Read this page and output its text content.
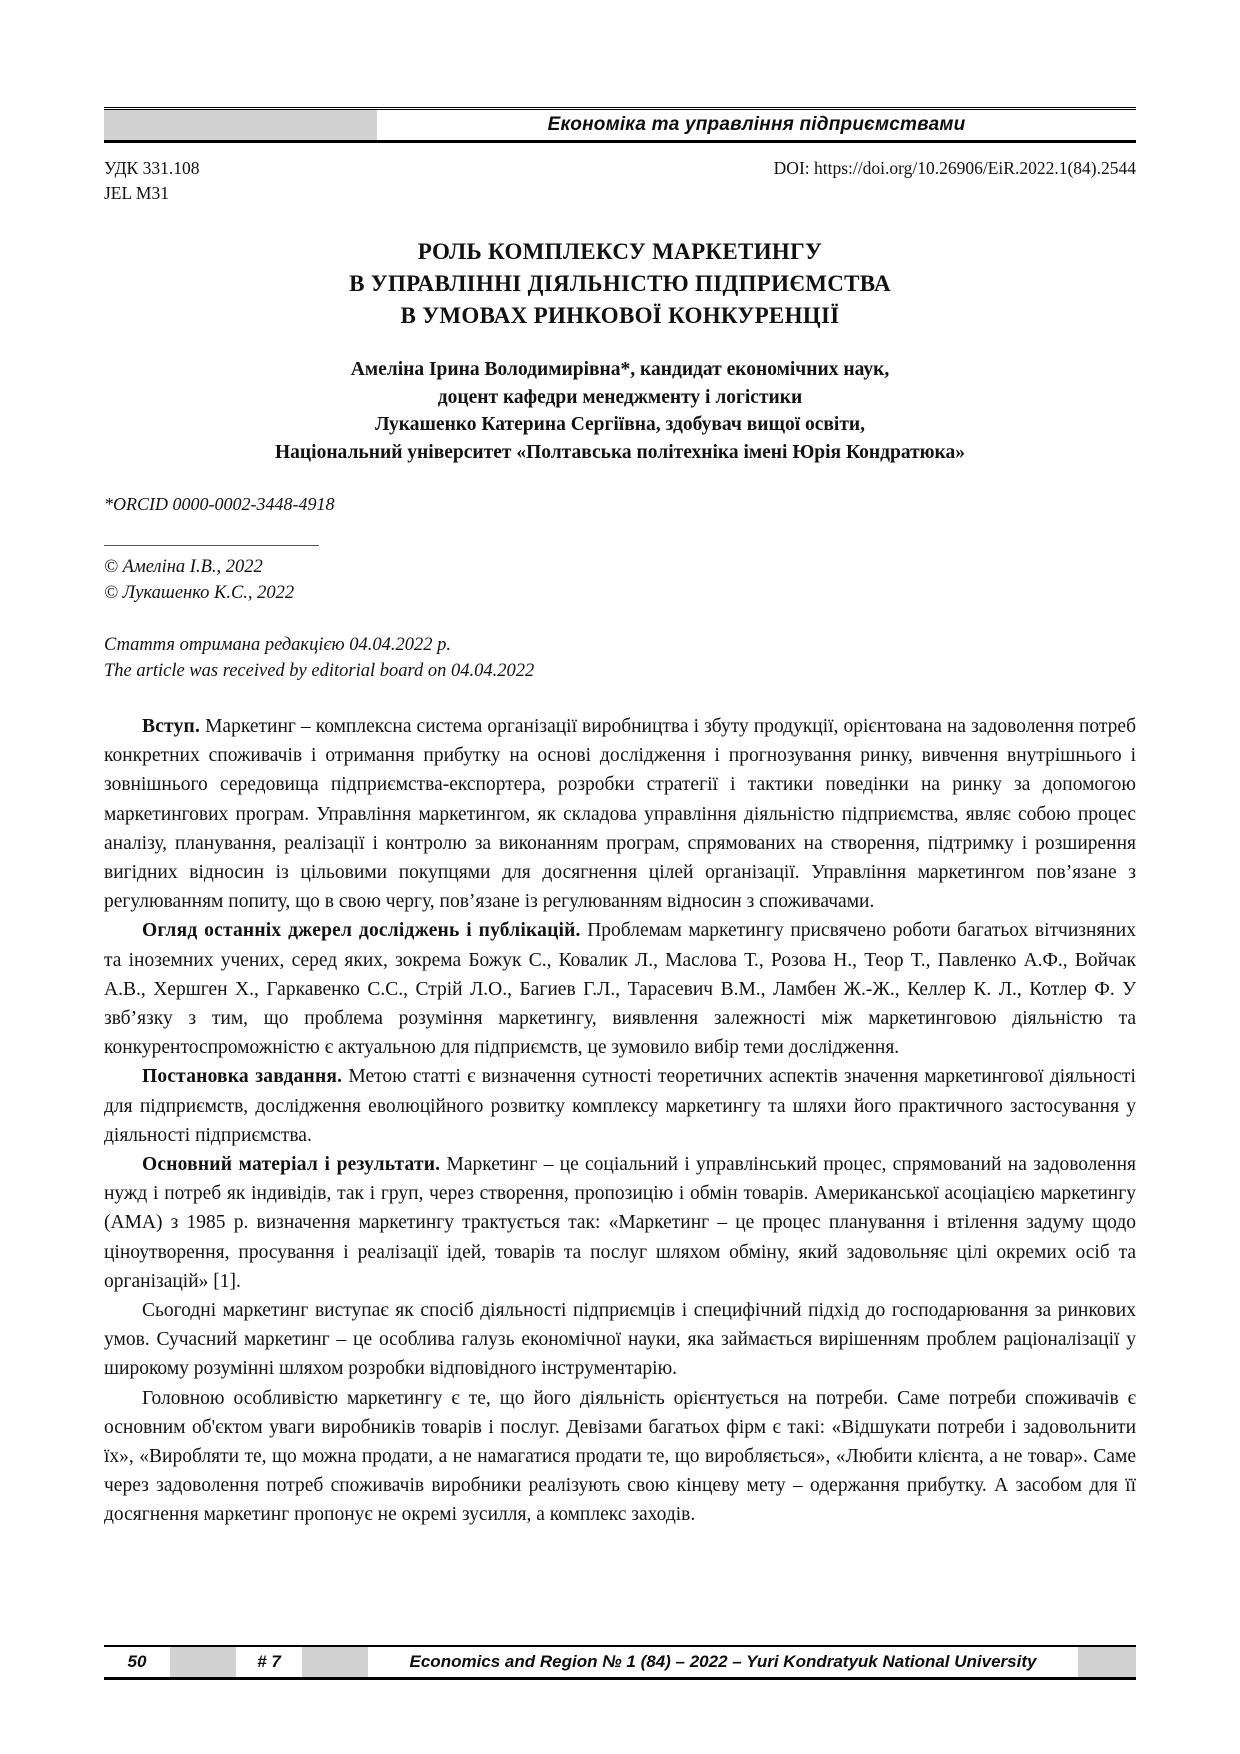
Економіка та управління підприємствами
УДК 331.108	DOI: https://doi.org/10.26906/EiR.2022.1(84).2544
JEL M31
РОЛЬ КОМПЛЕКСУ МАРКЕТИНГУ
В УПРАВЛІННІ ДІЯЛЬНІСТЮ ПІДПРИЄМСТВА
В УМОВАХ РИНКОВОЇ КОНКУРЕНЦІЇ
Амеліна Ірина Володимирівна*, кандидат економічних наук,
доцент кафедри менеджменту і логістики
Лукашенко Катерина Сергіївна, здобувач вищої освіти,
Національний університет «Полтавська політехніка імені Юрія Кондратюка»
*ORCID 0000-0002-3448-4918
© Амеліна І.В., 2022
© Лукашенко К.С., 2022
Стаття отримана редакцією 04.04.2022 р.
The article was received by editorial board on 04.04.2022

Вступ. Маркетинг – комплексна система організації виробництва і збуту продукції, орієнтована на задоволення потреб конкретних споживачів і отримання прибутку на основі дослідження і прогнозування ринку, вивчення внутрішнього і зовнішнього середовища підприємства-експортера, розробки стратегії і тактики поведінки на ринку за допомогою маркетингових програм. Управління маркетингом, як складова управління діяльністю підприємства, являє собою процес аналізу, планування, реалізації і контролю за виконанням програм, спрямованих на створення, підтримку і розширення вигідних відносин із цільовими покупцями для досягнення цілей організації. Управління маркетингом пов’язане з регулюванням попиту, що в свою чергу, пов’язане із регулюванням відносин з споживачами.

Огляд останніх джерел досліджень і публікацій. Проблемам маркетингу присвячено роботи багатьох вітчизняних та іноземних учених, серед яких, зокрема Божук С., Ковалик Л., Маслова Т., Розова Н., Теор Т., Павленко А.Ф., Войчак А.В., Хершген Х., Гаркавенко С.С., Стрій Л.О., Багиев Г.Л., Тарасевич В.М., Ламбен Ж.-Ж., Келлер К. Л., Котлер Ф. У звб’язку з тим, що проблема розуміння маркетингу, виявлення залежності між маркетинговою діяльністю та конкурентоспроможністю є актуальною для підприємств, це зумовило вибір теми дослідження.

Постановка завдання. Метою статті є визначення сутності теоретичних аспектів значення маркетингової діяльності для підприємств, дослідження еволюційного розвитку комплексу маркетингу та шляхи його практичного застосування у діяльності підприємства.

Основний матеріал і результати. Маркетинг – це соціальний і управлінський процес, спрямований на задоволення нужд і потреб як індивідів, так і груп, через створення, пропозицію і обмін товарів. Американської асоціацією маркетингу (АМА) з 1985 р. визначення маркетингу трактується так: «Маркетинг – це процес планування і втілення задуму щодо ціноутворення, просування і реалізації ідей, товарів та послуг шляхом обміну, який задовольняє цілі окремих осіб та організацій» [1].

Сьогодні маркетинг виступає як спосіб діяльності підприємців і специфічний підхід до господарювання за ринкових умов. Сучасний маркетинг – це особлива галузь економічної науки, яка займається вирішенням проблем раціоналізації у широкому розумінні шляхом розробки відповідного інструментарію.

Головною особливістю маркетингу є те, що його діяльність орієнтується на потреби. Саме потреби споживачів є основним об'єктом уваги виробників товарів і послуг. Девізами багатьох фірм є такі: «Відшукати потреби і задовольнити їх», «Виробляти те, що можна продати, а не намагатися продати те, що виробляється», «Любити клієнта, а не товар». Саме через задоволення потреб споживачів виробники реалізують свою кінцеву мету – одержання прибутку. А засобом для її досягнення маркетинг пропонує не окремі зусилля, а комплекс заходів.

50	# 7	Economics and Region № 1 (84) – 2022 – Yuri Kondratyuk National University
